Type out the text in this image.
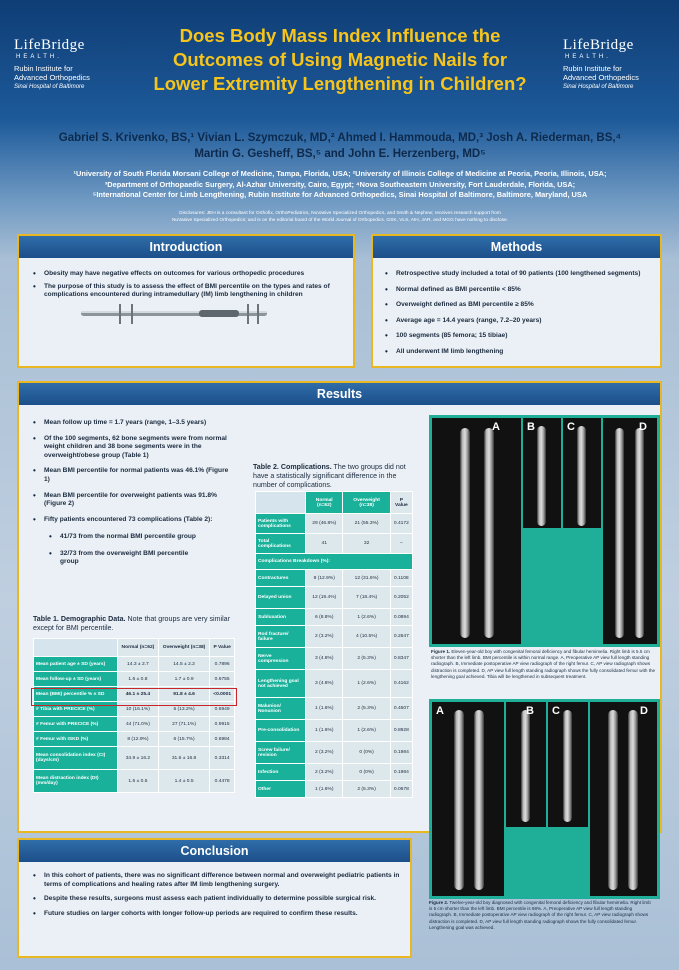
LifeBridge
HEALTH.
Rubin Institute for
Advanced Orthopedics
Sinai Hospital of Baltimore
LifeBridge
HEALTH.
Rubin Institute for
Advanced Orthopedics
Sinai Hospital of Baltimore
Does Body Mass Index Influence the
Outcomes of Using Magnetic Nails for
Lower Extremity Lengthening in Children?
Gabriel S. Krivenko, BS,¹ Vivian L. Szymczuk, MD,² Ahmed I. Hammouda, MD,³ Josh A. Riederman, BS,⁴
Martin G. Gesheff, BS,⁵ and John E. Herzenberg, MD⁵
¹University of South Florida Morsani College of Medicine, Tampa, Florida, USA; ²University of Illinois College of Medicine at Peoria, Peoria, Illinois, USA;
³Department of Orthopaedic Surgery, Al-Azhar University, Cairo, Egypt; ⁴Nova Southeastern University, Fort Lauderdale, Florida, USA;
⁵International Center for Limb Lengthening, Rubin Institute for Advanced Orthopedics, Sinai Hospital of Baltimore, Baltimore, Maryland, USA
Disclosures: JEH is a consultant for Orthofix, OrthoPediatrics, NuVasive Specialized Orthopedics, and Smith & Nephew; receives research support from
NuVasive Specialized Orthopedics; and is on the editorial board of the World Journal of Orthopedics. GSK, VLS, AIH, JAR, and MGG have nothing to disclose.
Introduction
• Obesity may have negative effects on outcomes for various orthopedic procedures
• The purpose of this study is to assess the effect of BMI percentile on the types and rates of complications encountered during intramedullary (IM) limb lengthening in children
Methods
• Retrospective study included a total of 90 patients (100 lengthened segments)
• Normal defined as BMI percentile < 85%
• Overweight defined as BMI percentile ≥ 85%
• Average age = 14.4 years (range, 7.2–20 years)
• 100 segments (85 femora; 15 tibiae)
• All underwent IM limb lengthening
Results
• Mean follow up time = 1.7 years (range, 1–3.5 years)
• Of the 100 segments, 62 bone segments were from normal weight children and 38 bone segments were in the overweight/obese group (Table 1)
• Mean BMI percentile for normal patients was 46.1% (Figure 1)
• Mean BMI percentile for overweight patients was 91.8% (Figure 2)
• Fifty patients encountered 73 complications (Table 2):
• 41/73 from the normal BMI percentile group
• 32/73 from the overweight BMI percentile group
Table 1. Demographic Data. Note that groups are very similar except for BMI percentile.
	Normal (n=62)	Overweight (n=38)	P Value
Mean patient age ± SD (years)	14.3 ± 2.7	14.5 ± 2.2	0.7896
Mean follow-up ± SD (years)	1.6 ± 0.8	1.7 ± 0.9	0.6755
Mean (BMI) percentile % ± SD	46.1 ± 25.4	91.8 ± 4.6	<0.0001
# Tibia with PRECICE (%)	10 (16.1%)	5 (13.2%)	0.6949
# Femur with PRECICE (%)	44 (71.0%)	27 (71.1%)	0.9915
# Femur with ISKD (%)	8 (12.9%)	6 (15.7%)	0.6984
Mean consolidation index (CI) (days/cm)	34.9 ± 16.2	31.6 ± 16.8	0.3314
Mean distraction index (DI) (mm/day)	1.5 ± 0.5	1.4 ± 0.5	0.4478
Table 2. Complications. The two groups did not have a statistically significant difference in the number of complications.
	Normal (n=62)	Overweight (n=38)	P Value
Patients with complications	29 (46.8%)	21 (55.3%)	0.4172
Total complications	41	32	–
Complications Breakdown (%):			
Contractures	8 (12.9%)	12 (31.6%)	0.1108
Delayed union	12 (19.4%)	7 (18.4%)	0.2052
Subluxation	6 (8.8%)	1 (2.6%)	0.0894
Rod fracture/ failure	2 (3.2%)	4 (10.5%)	0.2647
Nerve compression	3 (4.8%)	2 (5.3%)	0.8347
Lengthening goal not achieved	3 (4.8%)	1 (2.6%)	0.4162
Malunion/ Nonunion	1 (1.6%)	2 (5.3%)	0.4507
Pre-consolidation	1 (1.6%)	1 (2.6%)	0.8928
Screw failure/ revision	2 (3.2%)	0 (0%)	0.1984
Infection	2 (3.2%)	0 (0%)	0.1984
Other	1 (1.6%)	2 (5.3%)	0.0678
A B	C	D
Figure 1. Eleven-year-old boy with congenital femoral deficiency and fibular hemimelia. Right limb is 5.5 cm shorter than the left limb. BMI percentile is within normal range. A, Preoperative AP view full length standing radiograph. B, Immediate postoperative AP view radiograph of the right femur. C, AP view radiograph shows distraction is completed. D, AP view full length standing radiograph shows the fully consolidated femur with the lengthening goal achieved. Tibia will be lengthened in subsequent treatment.
A	B C	D
Figure 2. Twelve-year-old boy diagnosed with congenital femoral deficiency and fibular hemimelia. Right limb is 5 cm shorter than the left limb. BMI percentile is 98%. A, Preoperative AP view full length standing radiograph. B, Immediate postoperative AP view radiograph of the right femur. C, AP view radiograph shows distraction is completed. D, AP view full length standing radiograph shows the fully consolidated femur. Lengthening goal was achieved.
Conclusion
• In this cohort of patients, there was no significant difference between normal and overweight pediatric patients in terms of complications and healing rates after IM limb lengthening surgery.
• Despite these results, surgeons must assess each patient individually to determine possible surgical risk.
• Future studies on larger cohorts with longer follow-up periods are required to confirm these results.
